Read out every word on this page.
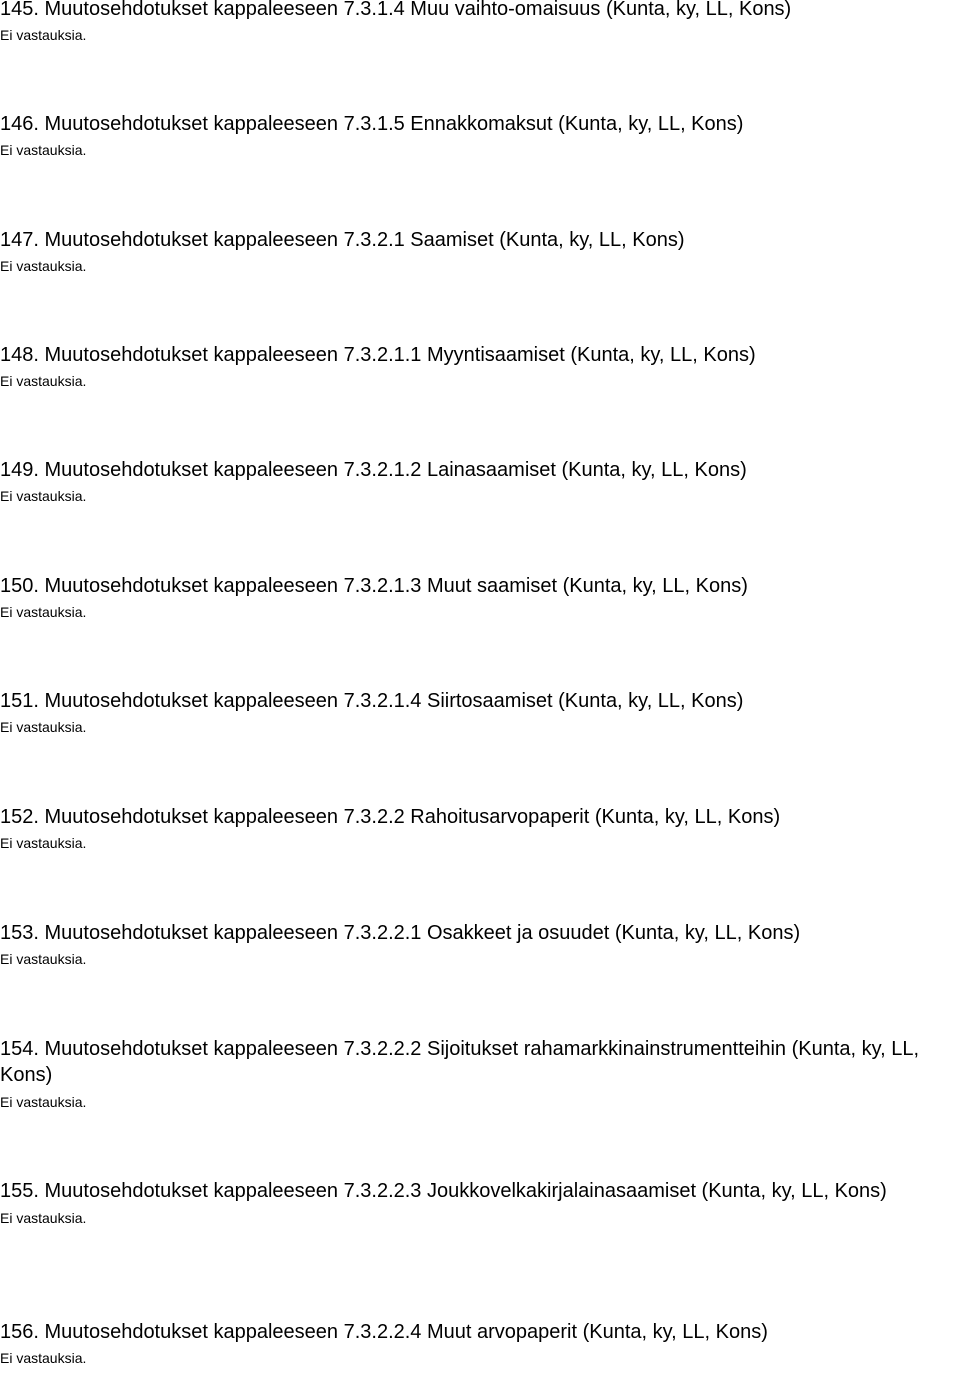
145. Muutosehdotukset kappaleeseen 7.3.1.4 Muu vaihto-omaisuus (Kunta, ky, LL, Kons)

Ei vastauksia.

146. Muutosehdotukset kappaleeseen 7.3.1.5 Ennakkomaksut (Kunta, ky, LL, Kons)

Ei vastauksia.

147. Muutosehdotukset kappaleeseen 7.3.2.1 Saamiset (Kunta, ky, LL, Kons)

Ei vastauksia.

148. Muutosehdotukset kappaleeseen 7.3.2.1.1 Myyntisaamiset (Kunta, ky, LL, Kons)

Ei vastauksia.

149. Muutosehdotukset kappaleeseen 7.3.2.1.2 Lainasaamiset (Kunta, ky, LL, Kons)

Ei vastauksia.

150. Muutosehdotukset kappaleeseen 7.3.2.1.3 Muut saamiset (Kunta, ky, LL, Kons)

Ei vastauksia.

151. Muutosehdotukset kappaleeseen 7.3.2.1.4 Siirtosaamiset (Kunta, ky, LL, Kons)

Ei vastauksia.

152. Muutosehdotukset kappaleeseen 7.3.2.2 Rahoitusarvopaperit (Kunta, ky, LL, Kons)

Ei vastauksia.

153. Muutosehdotukset kappaleeseen 7.3.2.2.1 Osakkeet ja osuudet (Kunta, ky, LL, Kons)

Ei vastauksia.

154. Muutosehdotukset kappaleeseen 7.3.2.2.2 Sijoitukset rahamarkkinainstrumentteihin (Kunta, ky, LL, Kons)

Ei vastauksia.

155. Muutosehdotukset kappaleeseen 7.3.2.2.3 Joukkovelkakirjalainasaamiset (Kunta, ky, LL, Kons)

Ei vastauksia.

156. Muutosehdotukset kappaleeseen 7.3.2.2.4 Muut arvopaperit (Kunta, ky, LL, Kons)

Ei vastauksia.
